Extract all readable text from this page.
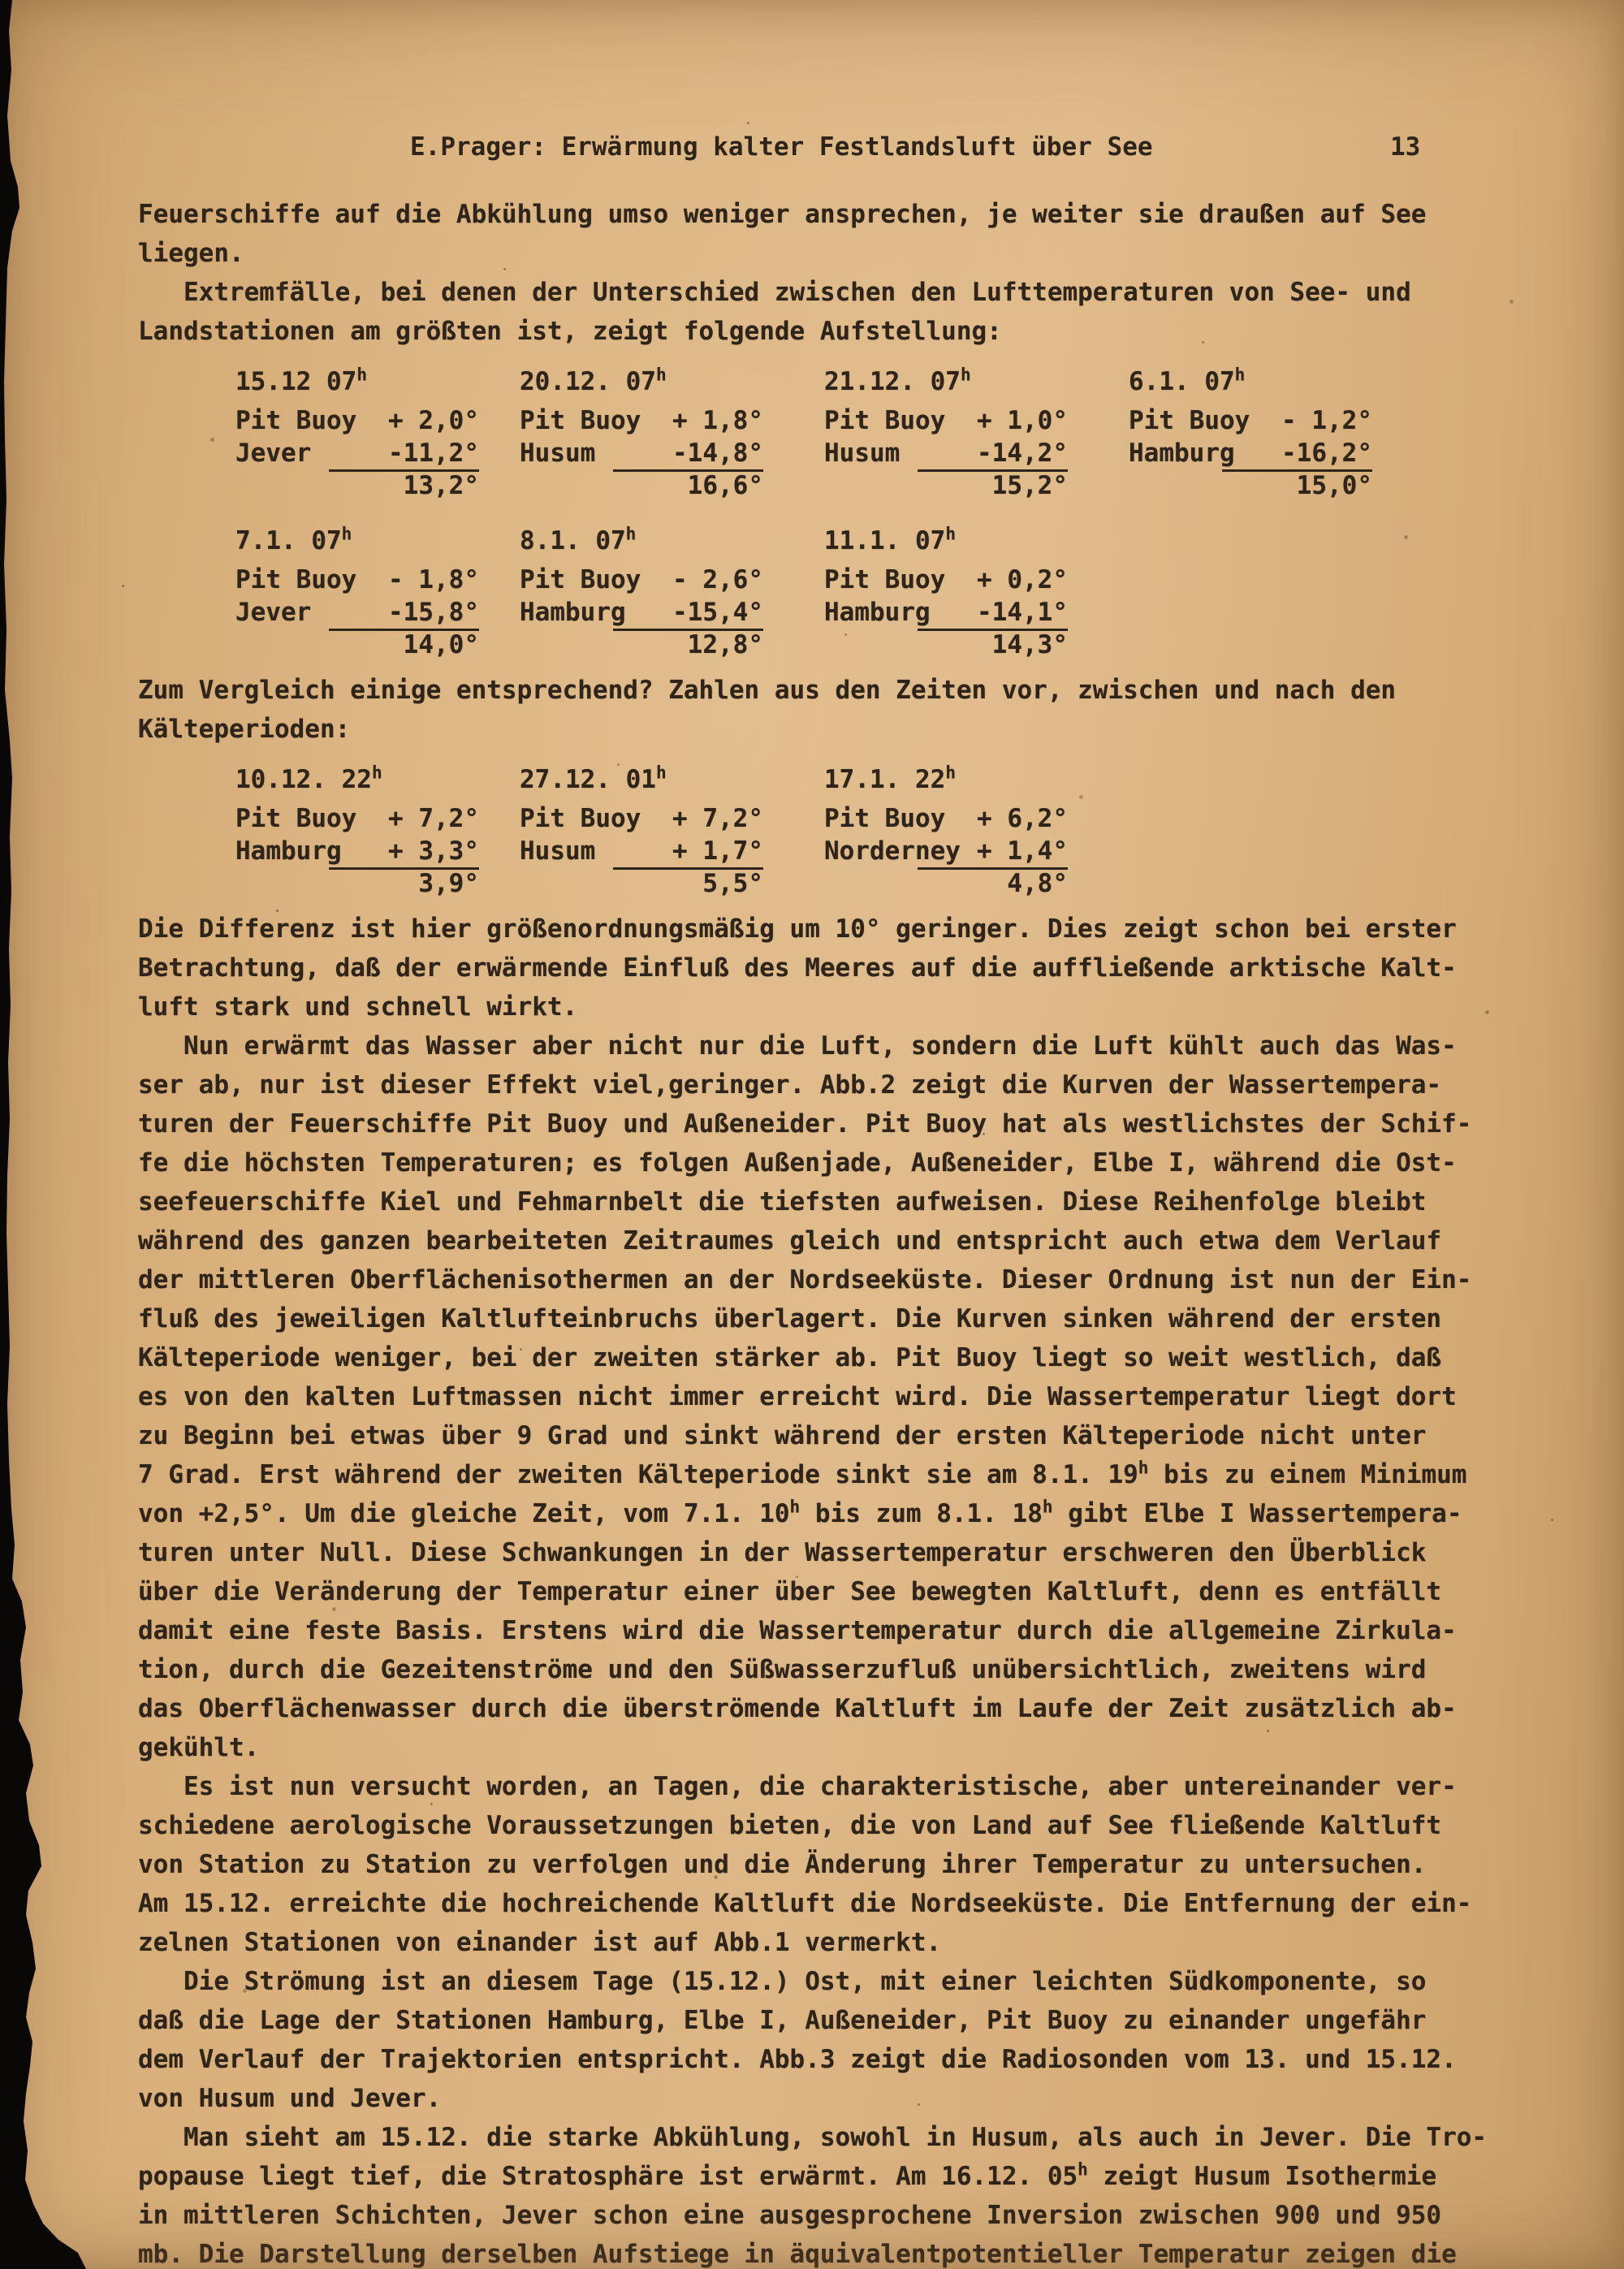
E.Prager: Erwärmung kalter Festlandsluft über See	13
Feuerschiffe auf die Abkühlung umso weniger ansprechen, je weiter sie draußen auf See
liegen.
Extremfälle, bei denen der Unterschied zwischen den Lufttemperaturen von See- und
Landstationen am größten ist, zeigt folgende Aufstellung:
15.12 07$^h$
Pit Buoy	+ 2,0°
Jever	-11,2°
13,2°
20.12. 07$^h$
Pit Buoy	+ 1,8°
Husum	-14,8°
16,6°
21.12. 07$^h$
Pit Buoy	+ 1,0°
Husum	-14,2°
15,2°
6.1. 07$^h$
Pit Buoy	- 1,2°
Hamburg	-16,2°
15,0°
7.1. 07$^h$
Pit Buoy	- 1,8°
Jever	-15,8°
14,0°
8.1. 07$^h$
Pit Buoy	- 2,6°
Hamburg	-15,4°
12,8°
11.1. 07$^h$
Pit Buoy	+ 0,2°
Hamburg	-14,1°
14,3°
Zum Vergleich einige entsprechend? Zahlen aus den Zeiten vor, zwischen und nach den
Kälteperioden:
10.12. 22$^h$
Pit Buoy	+ 7,2°
Hamburg	+ 3,3°
3,9°
27.12. 01$^h$
Pit Buoy	+ 7,2°
Husum	+ 1,7°
5,5°
17.1. 22$^h$
Pit Buoy	+ 6,2°
Norderney + 1,4°
4,8°
Die Differenz ist hier größenordnungsmäßig um 10° geringer. Dies zeigt schon bei erster
Betrachtung, daß der erwärmende Einfluß des Meeres auf die auffließende arktische Kalt-
luft stark und schnell wirkt.
Nun erwärmt das Wasser aber nicht nur die Luft, sondern die Luft kühlt auch das Was-
ser ab, nur ist dieser Effekt viel,geringer. Abb.2 zeigt die Kurven der Wassertempera-
turen der Feuerschiffe Pit Buoy und Außeneider. Pit Buoy hat als westlichstes der Schif-
fe die höchsten Temperaturen; es folgen Außenjade, Außeneider, Elbe I, während die Ost-
seefeuerschiffe Kiel und Fehmarnbelt die tiefsten aufweisen. Diese Reihenfolge bleibt
während des ganzen bearbeiteten Zeitraumes gleich und entspricht auch etwa dem Verlauf
der mittleren Oberflächenisothermen an der Nordseeküste. Dieser Ordnung ist nun der Ein-
fluß des jeweiligen Kaltlufteinbruchs überlagert. Die Kurven sinken während der ersten
Kälteperiode weniger, bei der zweiten stärker ab. Pit Buoy liegt so weit westlich, daß
es von den kalten Luftmassen nicht immer erreicht wird. Die Wassertemperatur liegt dort
zu Beginn bei etwas über 9 Grad und sinkt während der ersten Kälteperiode nicht unter
7 Grad. Erst während der zweiten Kälteperiode sinkt sie am 8.1. 19$^h$ bis zu einem Minimum
von +2,5°. Um die gleiche Zeit, vom 7.1. 10$^h$ bis zum 8.1. 18$^h$ gibt Elbe I Wassertempera-
turen unter Null. Diese Schwankungen in der Wassertemperatur erschweren den Überblick
über die Veränderung der Temperatur einer über See bewegten Kaltluft, denn es entfällt
damit eine feste Basis. Erstens wird die Wassertemperatur durch die allgemeine Zirkula-
tion, durch die Gezeitenströme und den Süßwasserzufluß unübersichtlich, zweitens wird
das Oberflächenwasser durch die überströmende Kaltluft im Laufe der Zeit zusätzlich ab-
gekühlt.
Es ist nun versucht worden, an Tagen, die charakteristische, aber untereinander ver-
schiedene aerologische Voraussetzungen bieten, die von Land auf See fließende Kaltluft
von Station zu Station zu verfolgen und die Änderung ihrer Temperatur zu untersuchen.
Am 15.12. erreichte die hochreichende Kaltluft die Nordseeküste. Die Entfernung der ein-
zelnen Stationen von einander ist auf Abb.1 vermerkt.
Die Strömung ist an diesem Tage (15.12.) Ost, mit einer leichten Südkomponente, so
daß die Lage der Stationen Hamburg, Elbe I, Außeneider, Pit Buoy zu einander ungefähr
dem Verlauf der Trajektorien entspricht. Abb.3 zeigt die Radiosonden vom 13. und 15.12.
von Husum und Jever.
Man sieht am 15.12. die starke Abkühlung, sowohl in Husum, als auch in Jever. Die Tro-
popause liegt tief, die Stratosphäre ist erwärmt. Am 16.12. 05$^h$ zeigt Husum Isothermie
in mittleren Schichten, Jever schon eine ausgesprochene Inversion zwischen 900 und 950
mb. Die Darstellung derselben Aufstiege in äquivalentpotentieller Temperatur zeigen die
